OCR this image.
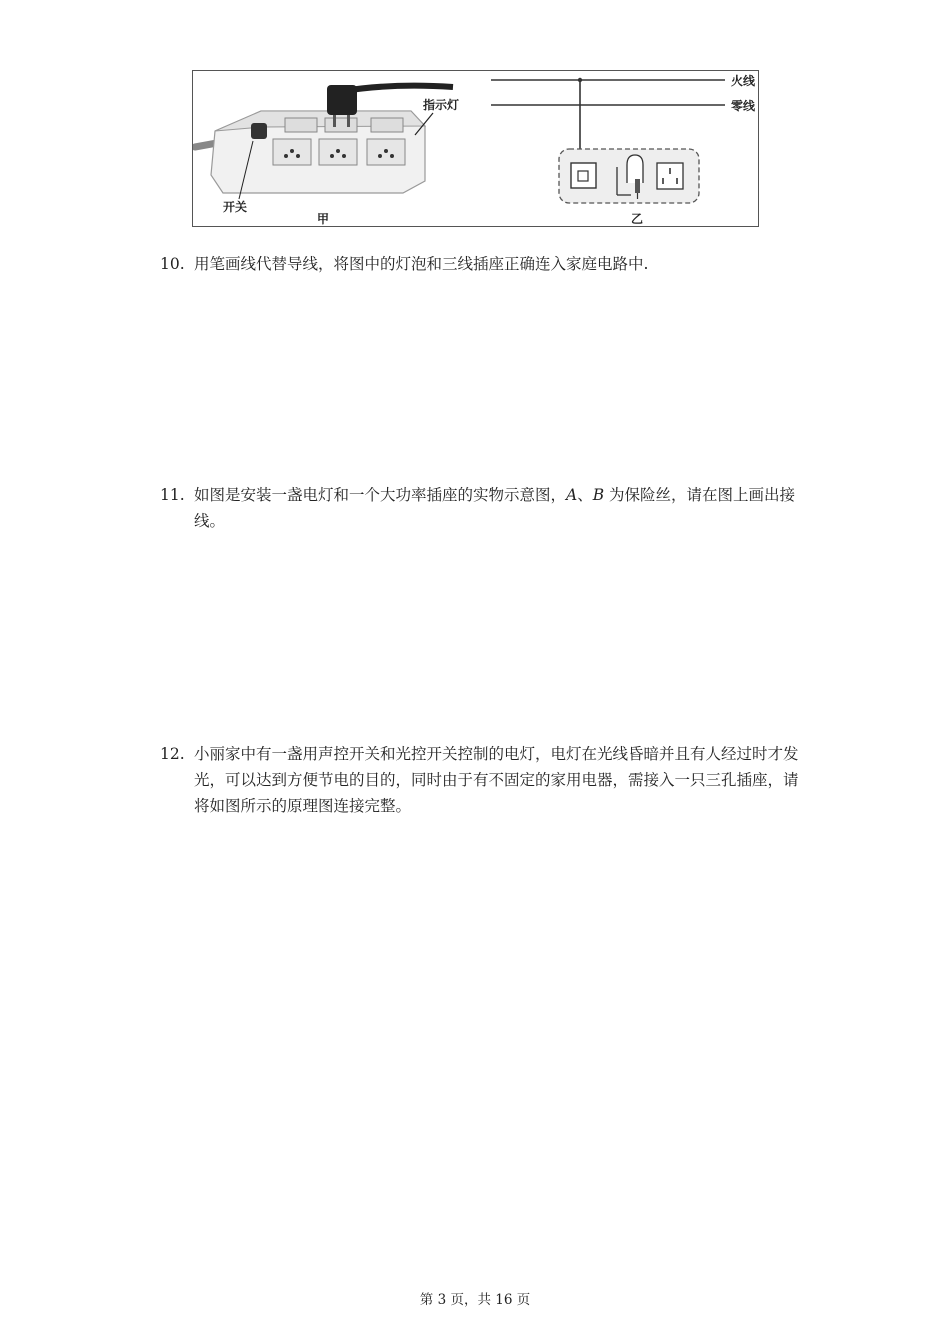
指示灯
开关
甲
火线
零线
乙
10. 用笔画线代替导线，将图中的灯泡和三线插座正确连入家庭电路中.
11. 如图是安装一盏电灯和一个大功率插座的实物示意图，A、B 为保险丝，请在图上画出接线。
12. 小丽家中有一盏用声控开关和光控开关控制的电灯，电灯在光线昏暗并且有人经过时才发光，可以达到方便节电的目的，同时由于有不固定的家用电器，需接入一只三孔插座，请将如图所示的原理图连接完整。
第 3 页，共 16 页
